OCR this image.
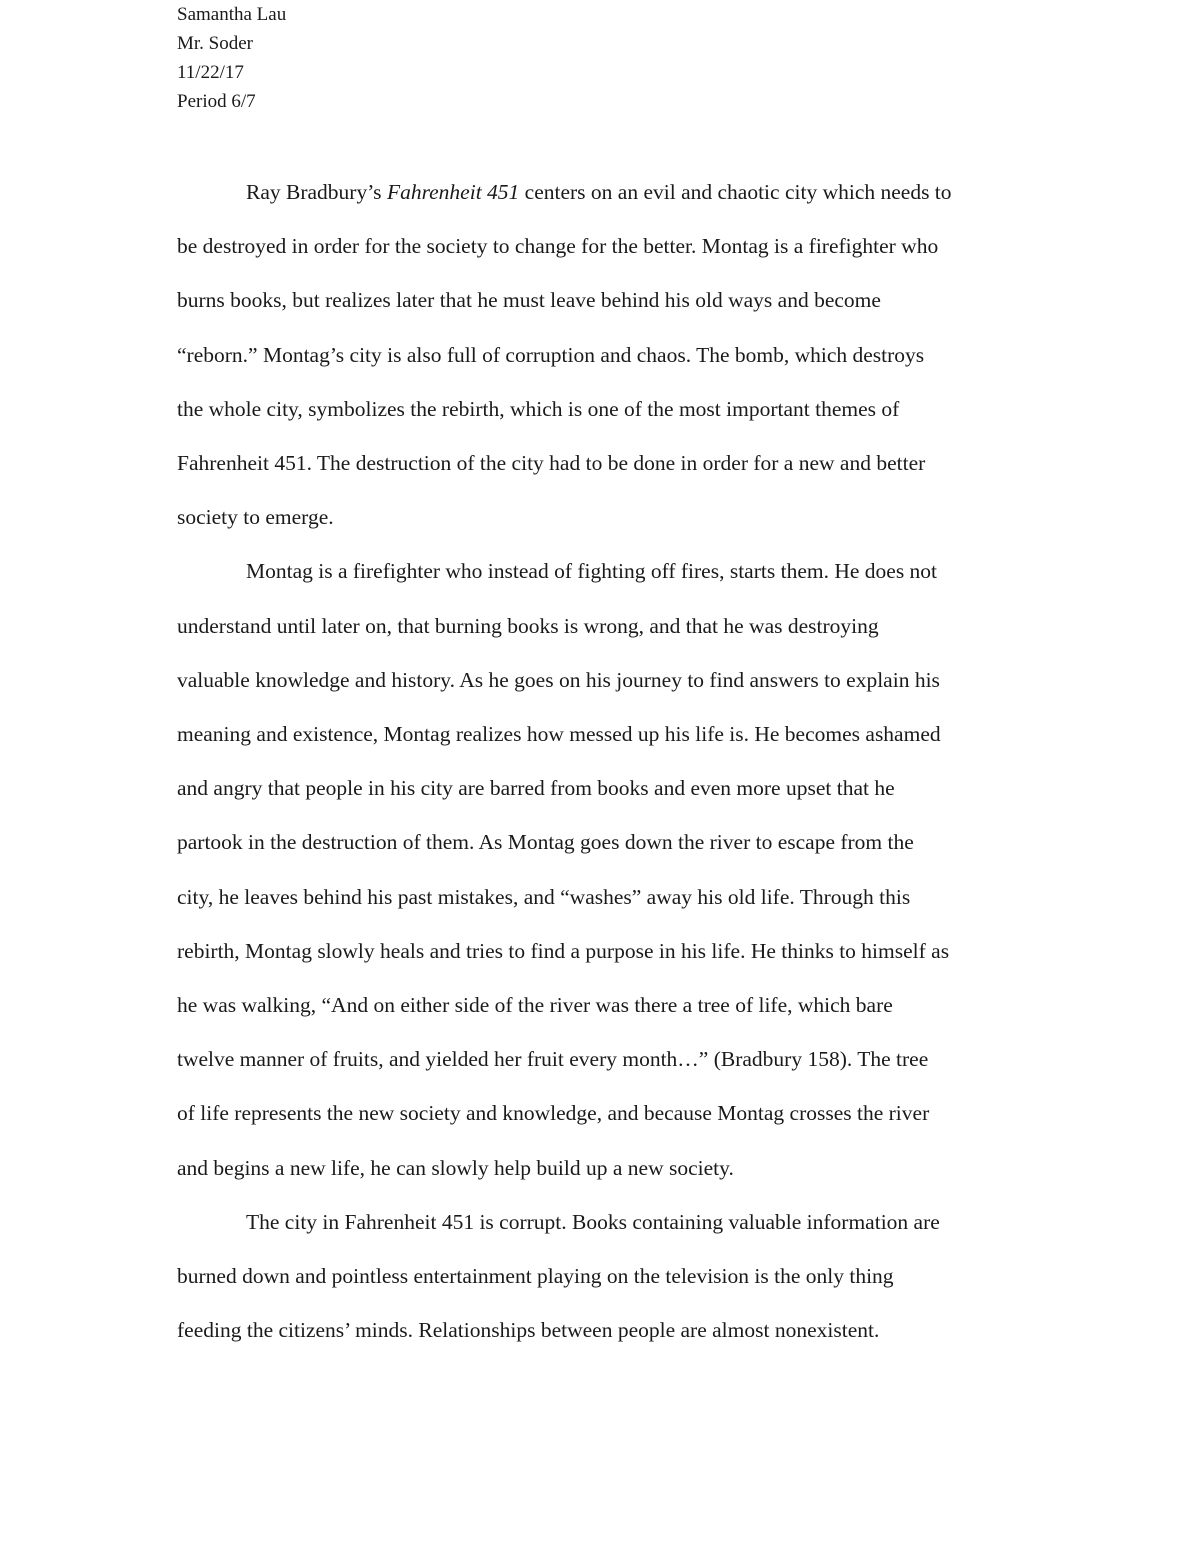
Samantha Lau
Mr. Soder
11/22/17
Period 6/7
Ray Bradbury’s Fahrenheit 451 centers on an evil and chaotic city which needs to
be destroyed in order for the society to change for the better. Montag is a firefighter who
burns books, but realizes later that he must leave behind his old ways and become
“reborn.” Montag’s city is also full of corruption and chaos. The bomb, which destroys
the whole city, symbolizes the rebirth, which is one of the most important themes of
Fahrenheit 451. The destruction of the city had to be done in order for a new and better
society to emerge.
Montag is a firefighter who instead of fighting off fires, starts them. He does not
understand until later on, that burning books is wrong, and that he was destroying
valuable knowledge and history. As he goes on his journey to find answers to explain his
meaning and existence, Montag realizes how messed up his life is. He becomes ashamed
and angry that people in his city are barred from books and even more upset that he
partook in the destruction of them. As Montag goes down the river to escape from the
city, he leaves behind his past mistakes, and “washes” away his old life. Through this
rebirth, Montag slowly heals and tries to find a purpose in his life. He thinks to himself as
he was walking, “And on either side of the river was there a tree of life, which bare
twelve manner of fruits, and yielded her fruit every month…” (Bradbury 158). The tree
of life represents the new society and knowledge, and because Montag crosses the river
and begins a new life, he can slowly help build up a new society.
The city in Fahrenheit 451 is corrupt. Books containing valuable information are
burned down and pointless entertainment playing on the television is the only thing
feeding the citizens’ minds. Relationships between people are almost nonexistent.
